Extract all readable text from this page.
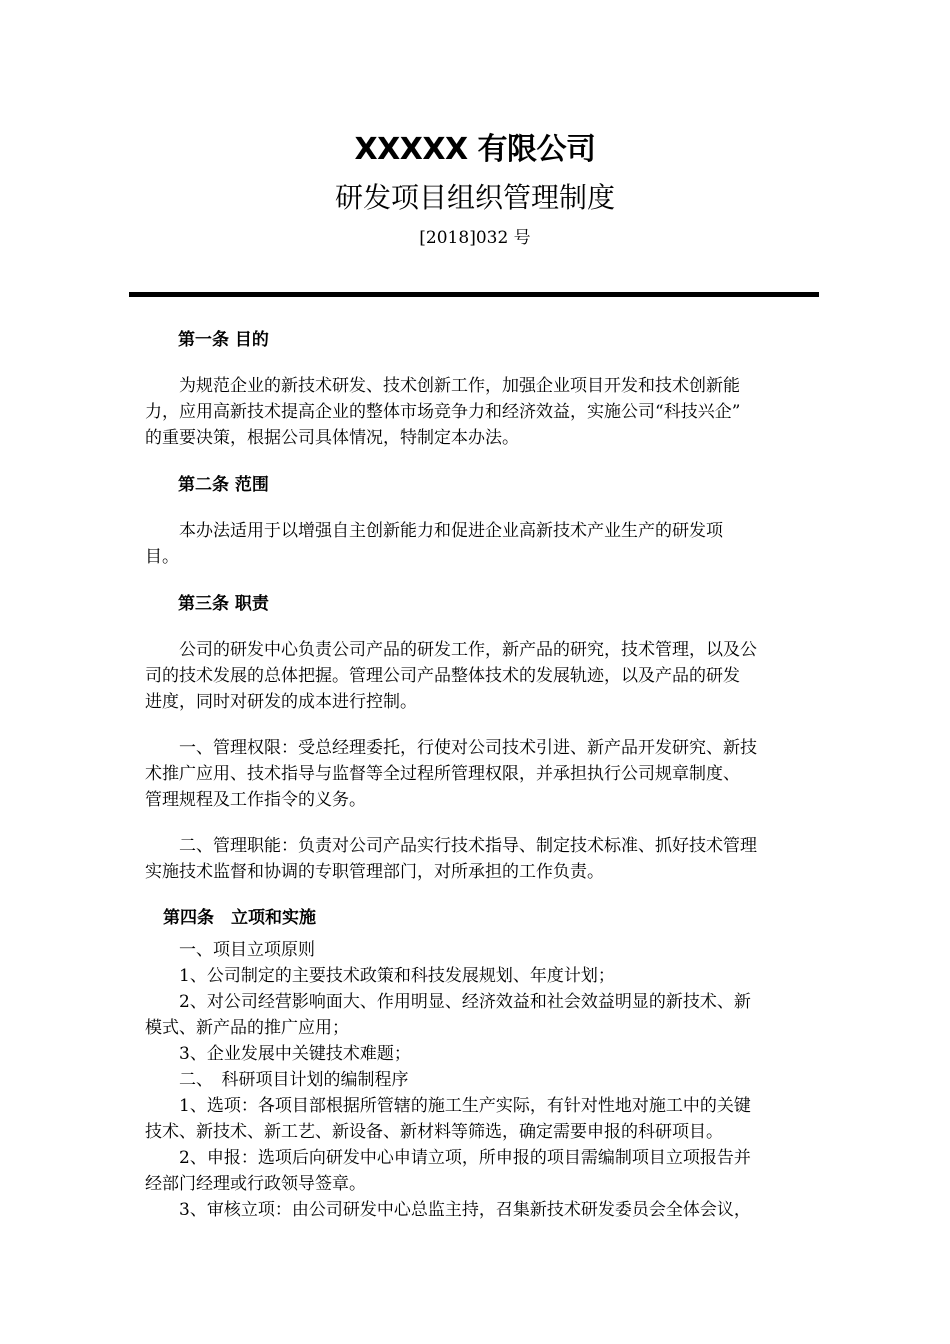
XXXXX 有限公司
研发项目组织管理制度
[2018]032 号
第一条 目的
　　为规范企业的新技术研发、技术创新工作，加强企业项目开发和技术创新能
力，应用高新技术提高企业的整体市场竞争力和经济效益，实施公司“科技兴企”
的重要决策，根据公司具体情况，特制定本办法。
第二条 范围
　　本办法适用于以增强自主创新能力和促进企业高新技术产业生产的研发项
目。
第三条 职责
　　公司的研发中心负责公司产品的研发工作，新产品的研究，技术管理，以及公
司的技术发展的总体把握。管理公司产品整体技术的发展轨迹，以及产品的研发
进度，同时对研发的成本进行控制。
　　一、管理权限：受总经理委托，行使对公司技术引进、新产品开发研究、新技
术推广应用、技术指导与监督等全过程所管理权限，并承担执行公司规章制度、
管理规程及工作指令的义务。
　　二、管理职能：负责对公司产品实行技术指导、制定技术标准、抓好技术管理
实施技术监督和协调的专职管理部门，对所承担的工作负责。
第四条　立项和实施
　　一、项目立项原则
　　1、公司制定的主要技术政策和科技发展规划、年度计划；
　　2、对公司经营影响面大、作用明显、经济效益和社会效益明显的新技术、新
模式、新产品的推广应用；
　　3、企业发展中关键技术难题；
　　二、　科研项目计划的编制程序
　　1、选项：各项目部根据所管辖的施工生产实际，有针对性地对施工中的关键
技术、新技术、新工艺、新设备、新材料等筛选，确定需要申报的科研项目。
　　2、申报：选项后向研发中心申请立项，所申报的项目需编制项目立项报告并
经部门经理或行政领导签章。
　　3、审核立项：由公司研发中心总监主持，召集新技术研发委员会全体会议，
